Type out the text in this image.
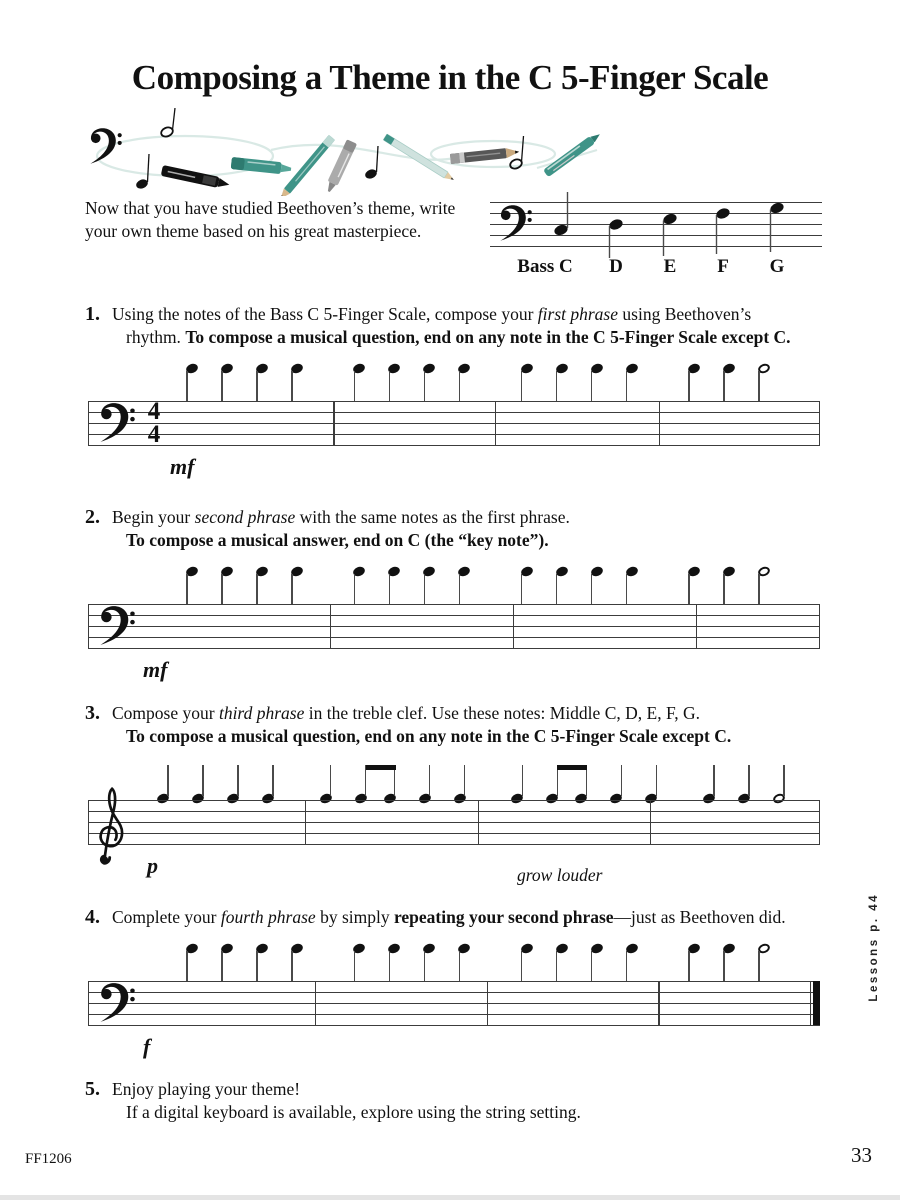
Composing a Theme in the C 5-Finger Scale
Now that you have studied Beethoven’s theme, write
your own theme based on his great masterpiece.
Bass C D E F G
1. Using the notes of the Bass C 5-Finger Scale, compose your first phrase using Beethoven’s
rhythm. To compose a musical question, end on any note in the C 5-Finger Scale except C.
4
4
mf
2. Begin your second phrase with the same notes as the first phrase.
To compose a musical answer, end on C (the “key note”).
mf
3. Compose your third phrase in the treble clef. Use these notes: Middle C, D, E, F, G.
To compose a musical question, end on any note in the C 5-Finger Scale except C.
p	grow louder
4. Complete your fourth phrase by simply repeating your second phrase—just as Beethoven did.
f
5. Enjoy playing your theme!
If a digital keyboard is available, explore using the string setting.
Lessons p. 44
FF1206	33
